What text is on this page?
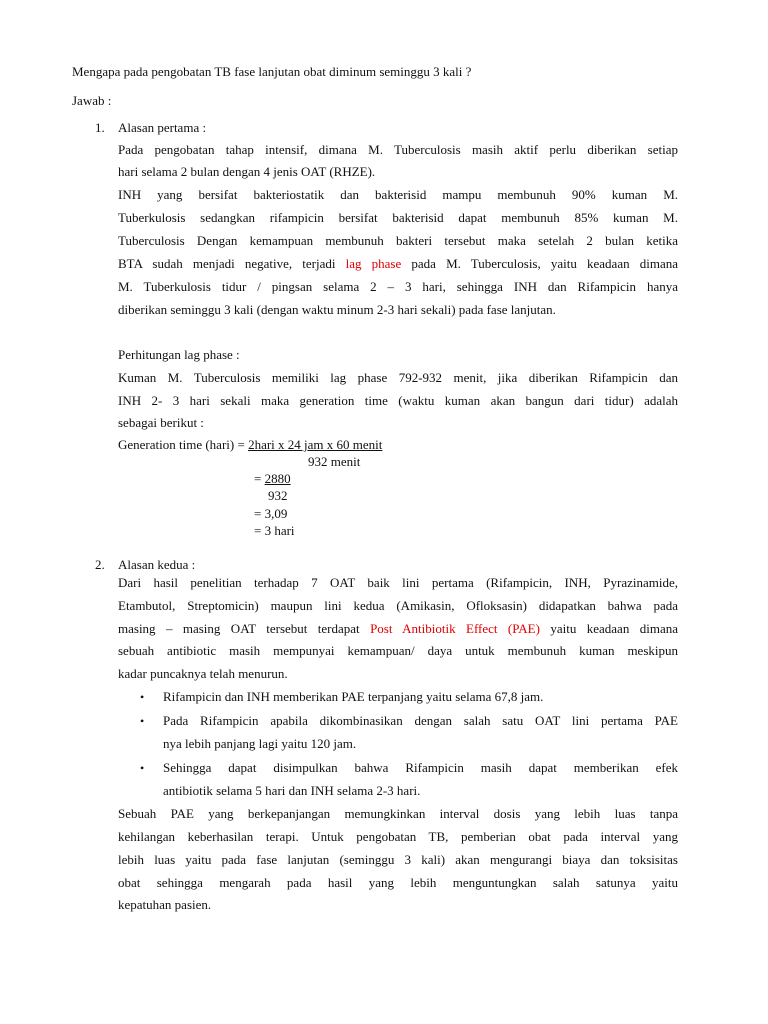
Mengapa pada pengobatan TB fase lanjutan obat diminum seminggu 3 kali ?
Jawab :
1. Alasan pertama :
Pada pengobatan tahap intensif, dimana M. Tuberculosis masih aktif perlu diberikan setiap
hari selama 2 bulan dengan 4 jenis OAT (RHZE).
INH yang bersifat bakteriostatik dan bakterisid mampu membunuh 90% kuman M.
Tuberkulosis sedangkan rifampicin bersifat bakterisid dapat membunuh 85% kuman M.
Tuberculosis Dengan kemampuan membunuh bakteri tersebut maka setelah 2 bulan ketika
BTA sudah menjadi negative, terjadi lag phase pada M. Tuberculosis, yaitu keadaan dimana
M. Tuberkulosis tidur / pingsan selama 2 – 3 hari, sehingga INH dan Rifampicin hanya
diberikan seminggu 3 kali (dengan waktu minum 2-3 hari sekali) pada fase lanjutan.
Perhitungan lag phase :
Kuman M. Tuberculosis memiliki lag phase 792-932 menit, jika diberikan Rifampicin dan
INH 2- 3 hari sekali maka generation time (waktu kuman akan bangun dari tidur) adalah
sebagai berikut :
Generation time (hari) = 2hari x 24 jam x 60 menit
932 menit
= 2880
932
= 3,09
= 3 hari
2. Alasan kedua :
Dari hasil penelitian terhadap 7 OAT baik lini pertama (Rifampicin, INH, Pyrazinamide,
Etambutol, Streptomicin) maupun lini kedua (Amikasin, Ofloksasin) didapatkan bahwa pada
masing – masing OAT tersebut terdapat Post Antibiotik Effect (PAE) yaitu keadaan dimana
sebuah antibiotic masih mempunyai kemampuan/ daya untuk membunuh kuman meskipun
kadar puncaknya telah menurun.
• Rifampicin dan INH memberikan PAE terpanjang yaitu selama 67,8 jam.
• Pada Rifampicin apabila dikombinasikan dengan salah satu OAT lini pertama PAE
nya lebih panjang lagi yaitu 120 jam.
• Sehingga dapat disimpulkan bahwa Rifampicin masih dapat memberikan efek
antibiotik selama 5 hari dan INH selama 2-3 hari.
Sebuah PAE yang berkepanjangan memungkinkan interval dosis yang lebih luas tanpa
kehilangan keberhasilan terapi. Untuk pengobatan TB, pemberian obat pada interval yang
lebih luas yaitu pada fase lanjutan (seminggu 3 kali) akan mengurangi biaya dan toksisitas
obat sehingga mengarah pada hasil yang lebih menguntungkan salah satunya yaitu
kepatuhan pasien.
